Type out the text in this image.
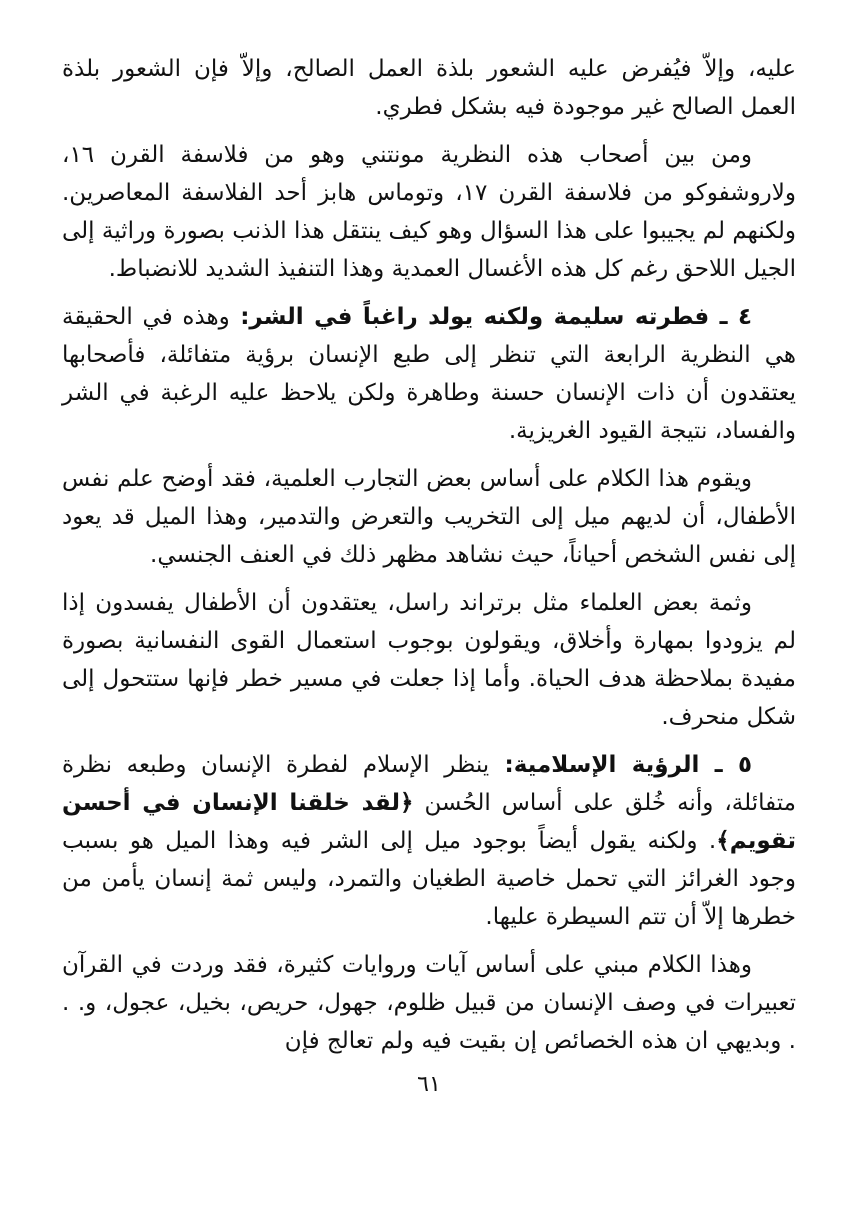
عليه، وإلاّ فيُفرض عليه الشعور بلذة العمل الصالح، وإلاّ فإن الشعور بلذة العمل الصالح غير موجودة فيه بشكل فطري.

ومن بين أصحاب هذه النظرية مونتني وهو من فلاسفة القرن ١٦، ولاروشفوكو من فلاسفة القرن ١٧، وتوماس هابز أحد الفلاسفة المعاصرين. ولكنهم لم يجيبوا على هذا السؤال وهو كيف ينتقل هذا الذنب بصورة وراثية إلى الجيل اللاحق رغم كل هذه الأغسال العمدية وهذا التنفيذ الشديد للانضباط.

٤ ـ فطرته سليمة ولكنه يولد راغباً في الشر: وهذه في الحقيقة هي النظرية الرابعة التي تنظر إلى طبع الإنسان برؤية متفائلة، فأصحابها يعتقدون أن ذات الإنسان حسنة وطاهرة ولكن يلاحظ عليه الرغبة في الشر والفساد، نتيجة القيود الغريزية.

ويقوم هذا الكلام على أساس بعض التجارب العلمية، فقد أوضح علم نفس الأطفال، أن لديهم ميل إلى التخريب والتعرض والتدمير، وهذا الميل قد يعود إلى نفس الشخص أحياناً، حيث نشاهد مظهر ذلك في العنف الجنسي.

وثمة بعض العلماء مثل برتراند راسل، يعتقدون أن الأطفال يفسدون إذا لم يزودوا بمهارة وأخلاق، ويقولون بوجوب استعمال القوى النفسانية بصورة مفيدة بملاحظة هدف الحياة. وأما إذا جعلت في مسير خطر فإنها ستتحول إلى شكل منحرف.

٥ ـ الرؤية الإسلامية: ينظر الإسلام لفطرة الإنسان وطبعه نظرة متفائلة، وأنه خُلق على أساس الحُسن ﴿لقد خلقنا الإنسان في أحسن تقويم﴾. ولكنه يقول أيضاً بوجود ميل إلى الشر فيه وهذا الميل هو بسبب وجود الغرائز التي تحمل خاصية الطغيان والتمرد، وليس ثمة إنسان يأمن من خطرها إلاّ أن تتم السيطرة عليها.

وهذا الكلام مبني على أساس آيات وروايات كثيرة، فقد وردت في القرآن تعبيرات في وصف الإنسان من قبيل ظلوم، جهول، حريص، بخيل، عجول، و. . . وبديهي ان هذه الخصائص إن بقيت فيه ولم تعالج فإن

٦١
